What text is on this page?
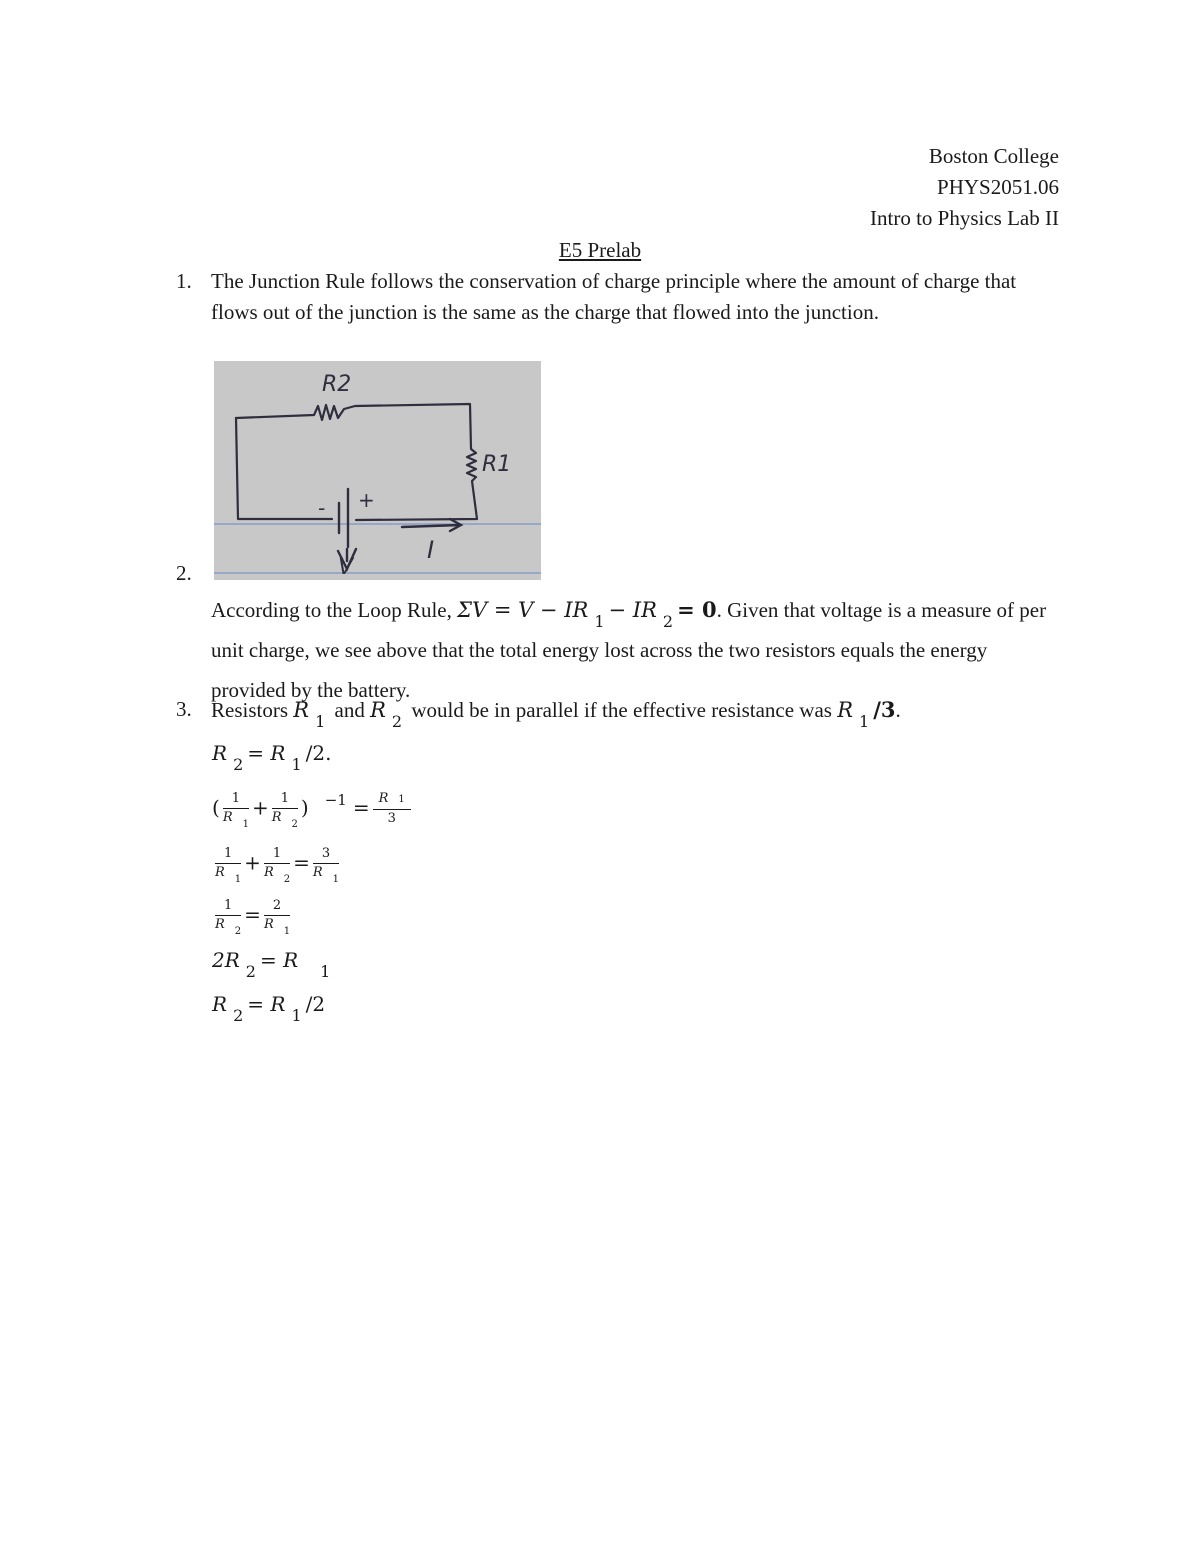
Boston College
PHYS2051.06
Intro to Physics Lab II
E5 Prelab
1. The Junction Rule follows the conservation of charge principle where the amount of charge that flows out of the junction is the same as the charge that flowed into the junction.
R2
R1
- +
V
I
2.
According to the Loop Rule, ΣV = V − IR $_1$ − IR $_2$ = 0. Given that voltage is a measure of per unit charge, we see above that the total energy lost across the two resistors equals the energy provided by the battery.
3. Resistors R $_1$ and R $_2$ would be in parallel if the effective resistance was R $_1$ /3.
R $_2$ = R $_1$ /2.
( $\frac{1}{R _1} + \frac{1}{R _2}$ ) $^{-1} = \frac{R 1}{3}$
$\frac{1}{R _1} + \frac{1}{R _2} = \frac{3}{R _1}$
$\frac{1}{R _2} = \frac{2}{R _1}$
2R $_2$ = R $_1$
R $_2$ = R $_1$ /2
